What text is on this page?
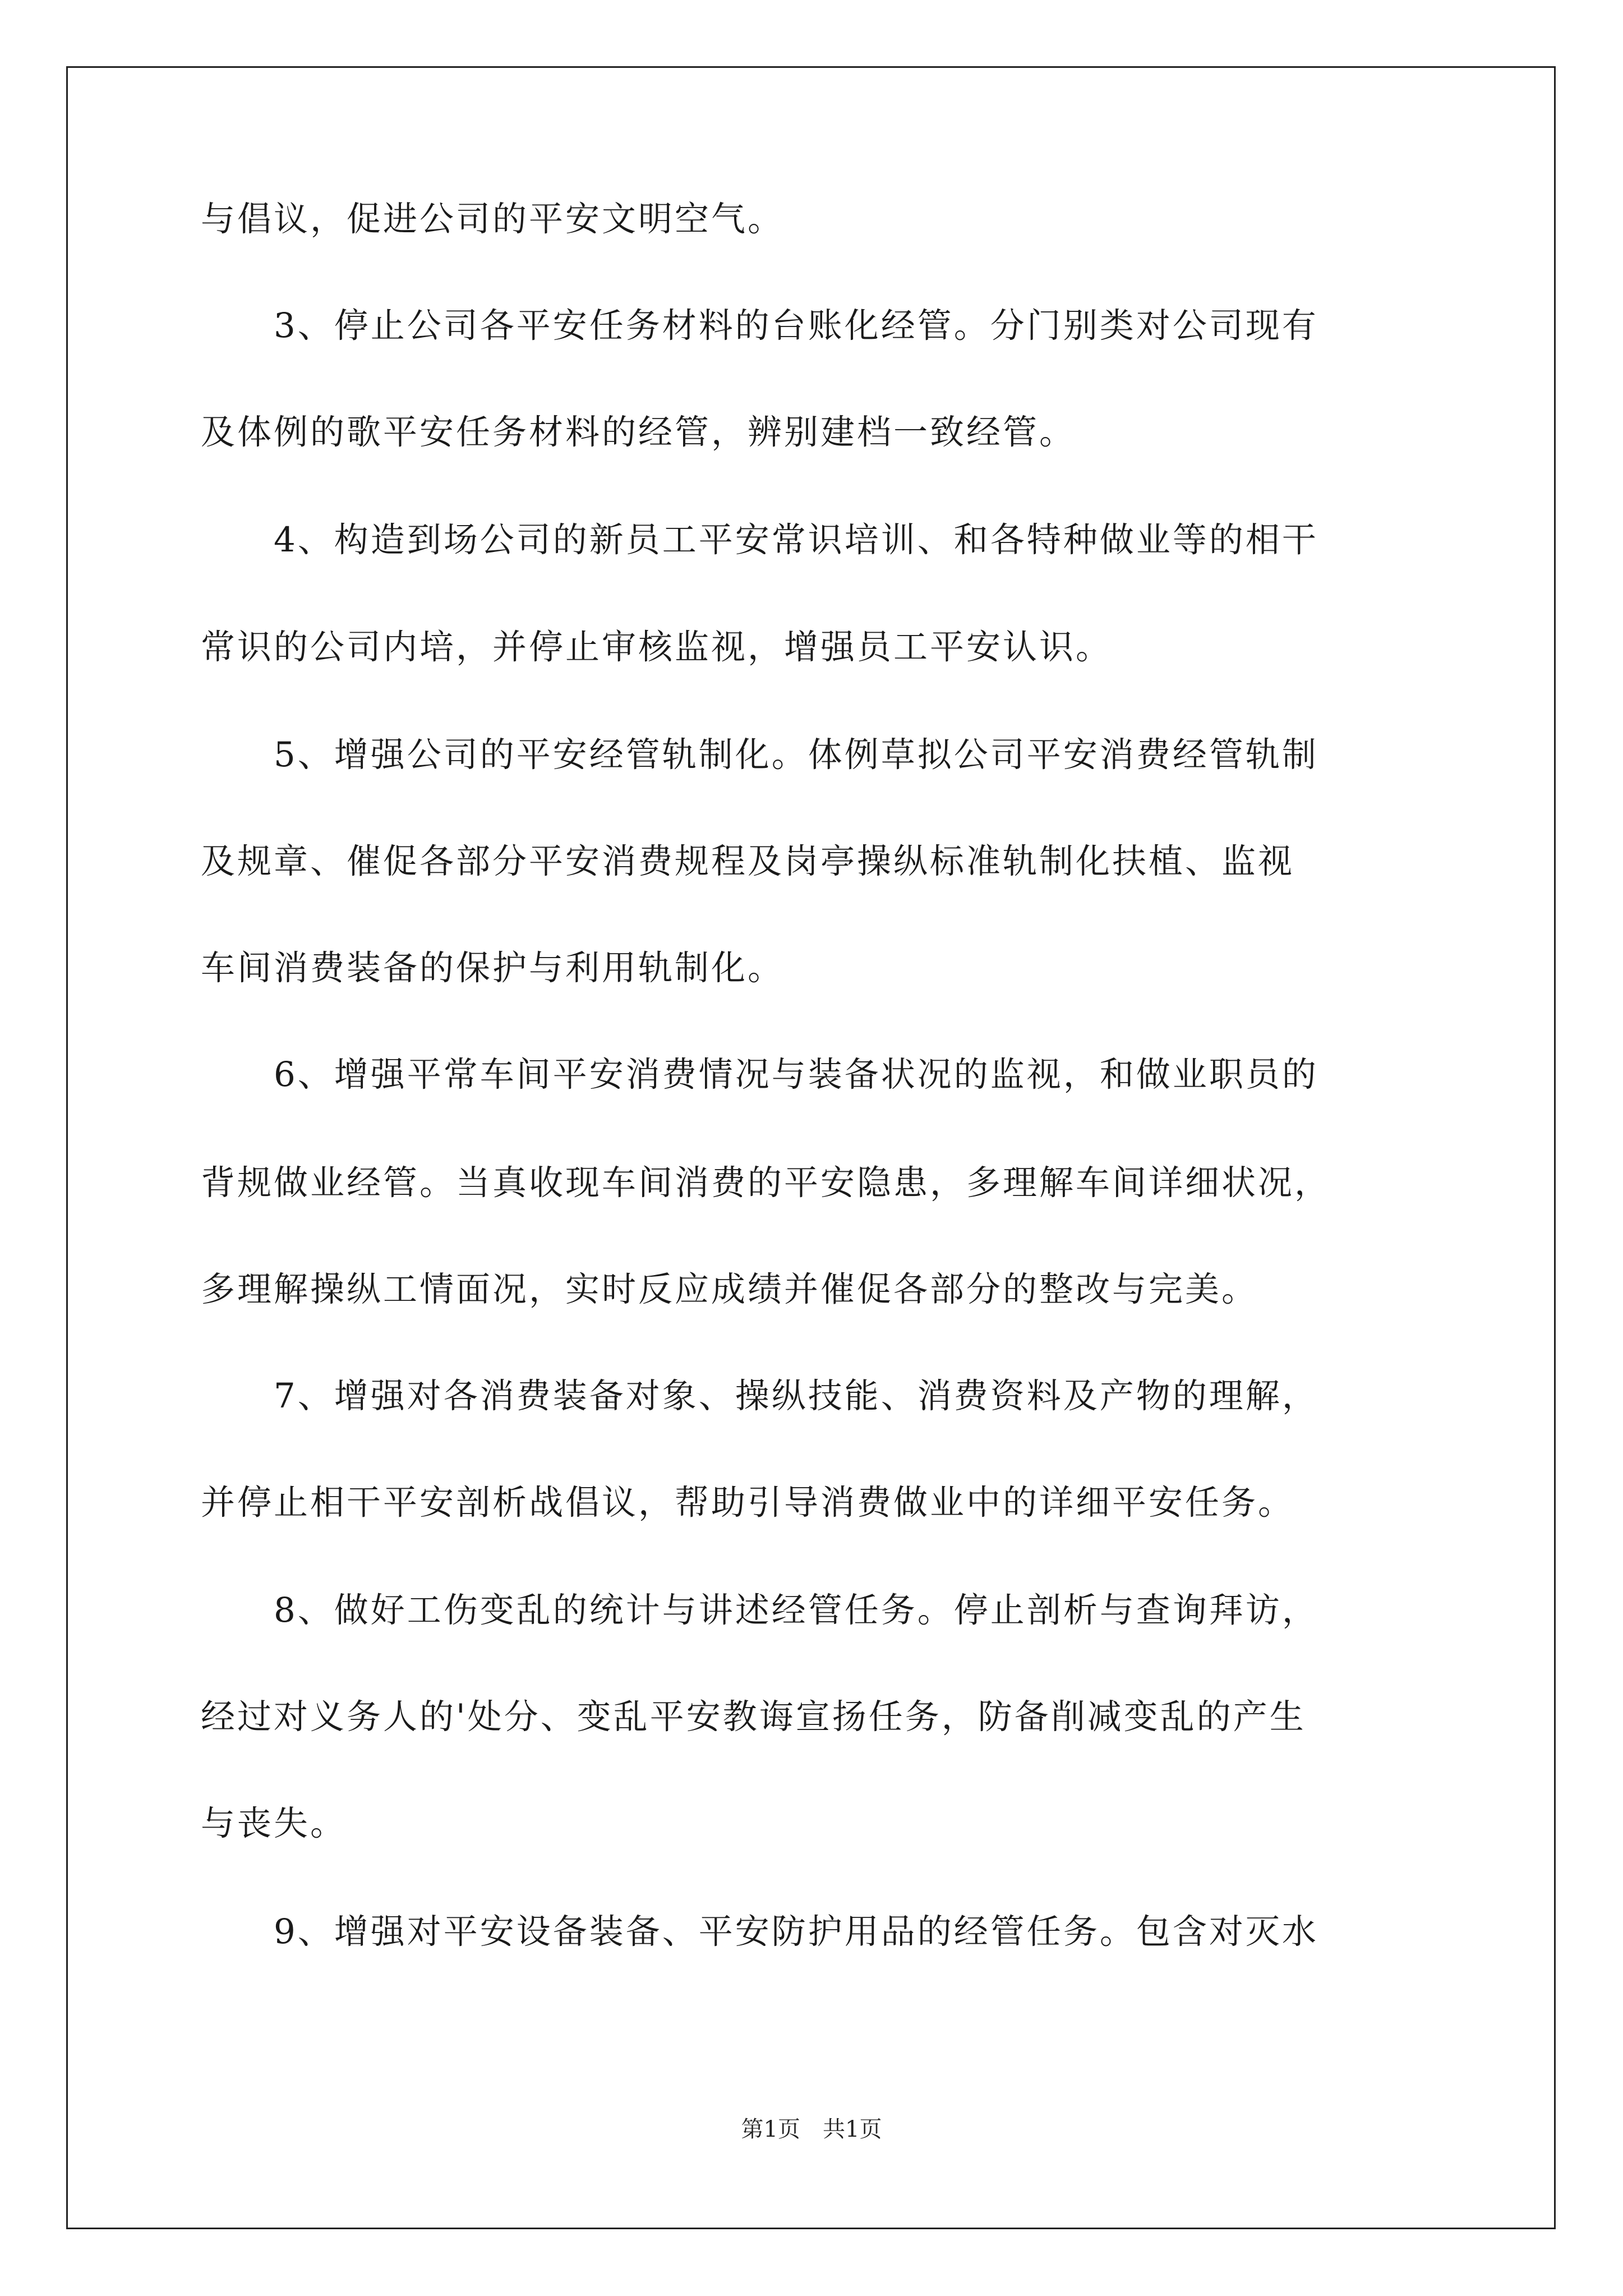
与倡议，促进公司的平安文明空气。
　　3、停止公司各平安任务材料的台账化经管。分门别类对公司现有
及体例的歌平安任务材料的经管，辨别建档一致经管。
　　4、构造到场公司的新员工平安常识培训、和各特种做业等的相干
常识的公司内培，并停止审核监视，增强员工平安认识。
　　5、增强公司的平安经管轨制化。体例草拟公司平安消费经管轨制
及规章、催促各部分平安消费规程及岗亭操纵标准轨制化扶植、监视
车间消费装备的保护与利用轨制化。
　　6、增强平常车间平安消费情况与装备状况的监视，和做业职员的
背规做业经管。当真收现车间消费的平安隐患，多理解车间详细状况，
多理解操纵工情面况，实时反应成绩并催促各部分的整改与完美。
　　7、增强对各消费装备对象、操纵技能、消费资料及产物的理解，
并停止相干平安剖析战倡议，帮助引导消费做业中的详细平安任务。
　　8、做好工伤变乱的统计与讲述经管任务。停止剖析与查询拜访，
经过对义务人的'处分、变乱平安教诲宣扬任务，防备削减变乱的产生
与丧失。
　　9、增强对平安设备装备、平安防护用品的经管任务。包含对灭水
第1页　共1页
